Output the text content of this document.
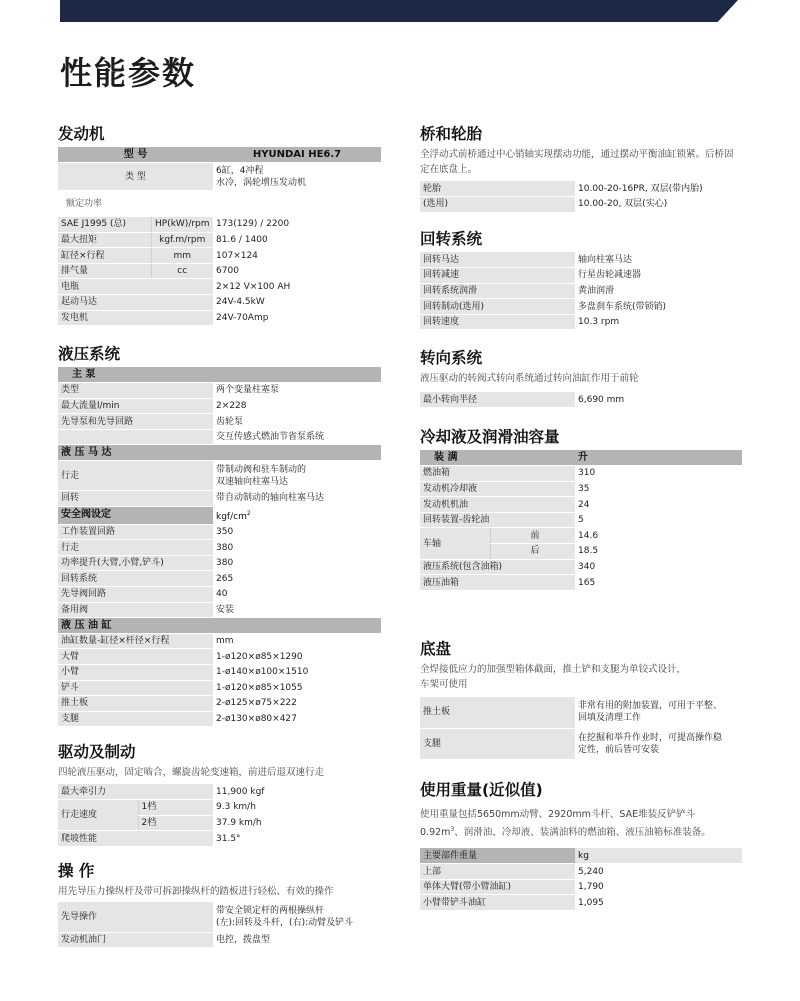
性能参数
发动机
型 号		HYUNDAI HE6.7
类 型		6缸，4冲程
水冷，涡轮增压发动机

额定功率		
SAE J1995 (总)	HP(kW)/rpm	173(129) / 2200
最大扭矩	kgf.m/rpm	81.6 / 1400
缸径×行程	mm	107×124
排气量	cc	6700
电瓶		2×12 V×100 AH
起动马达		24V-4.5kW
发电机		24V-70Amp
液压系统
主 泵	
类型	两个变量柱塞泵
最大流量l/min	2×228
先导泵和先导回路	齿轮泵
	交互传感式燃油节省泵系统
液 压 马 达	
行走	带制动阀和驻车制动的
双速轴向柱塞马达

回转	带自动制动的轴向柱塞马达
安全阀设定	kgf/$cm^2$
工作装置回路	350
行走	380
功率提升(大臂,小臂,铲斗)	380
回转系统	265
先导阀回路	40
备用阀	安装
液 压 油 缸	
油缸数量-缸径×杆径×行程	mm
大臂	1-ø120×ø85×1290
小臂	1-ø140×ø100×1510
铲斗	1-ø120×ø85×1055
推土板	2-ø125×ø75×222
支腿	2-ø130×ø80×427
驱动及制动
四轮液压驱动，固定啮合，螺旋齿轮变速箱，前进后退双速行走
最大牵引力		11,900 kgf
行走速度	1档	9.3 km/h
	2档	37.9 km/h
爬坡性能		31.5°
操 作
用先导压力操纵杆及带可拆卸操纵杆的踏板进行轻松、有效的操作
先导操作	带安全锁定杆的两根操纵杆
(左):回转及斗杆，(右):动臂及铲斗

发动机油门	电控，拨盘型
桥和轮胎
全浮动式前桥通过中心销轴实现摆动功能，通过摆动平衡油缸锁紧。后桥固定在底盘上。
轮胎	10.00-20-16PR, 双层(带内胎)
(选用)	10.00-20, 双层(实心)
回转系统
回转马达	轴向柱塞马达
回转减速	行星齿轮减速器
回转系统润滑	黄油润滑
回转制动(选用)	多盘刹车系统(带锁销)
回转速度	10.3 rpm
转向系统
液压驱动的转阀式转向系统通过转向油缸作用于前轮
最小转向半径	6,690 mm
冷却液及润滑油容量
装 满		升
燃油箱		310
发动机冷却液		35
发动机机油		24
回转装置-齿轮油		5
车轴	前	14.6
	后	18.5
液压系统(包含油箱)		340
液压油箱		165
底盘
全焊接低应力的加强型箱体截面，推土铲和支腿为单铰式设计，
车架可使用
推土板	非常有用的附加装置，可用于平整、
回填及清理工作

支腿	在挖掘和举升作业时，可提高操作稳
定性，前后皆可安装
使用重量(近似值)
使用重量包括5650mm动臂、2920mm斗杆、SAE堆装反铲铲斗
$0.92m^3$、润滑油、冷却液、装满油料的燃油箱、液压油箱标准装备。
主要部件重量	kg
上部	5,240
单体大臂(带小臂油缸)	1,790
小臂带铲斗油缸	1,095
